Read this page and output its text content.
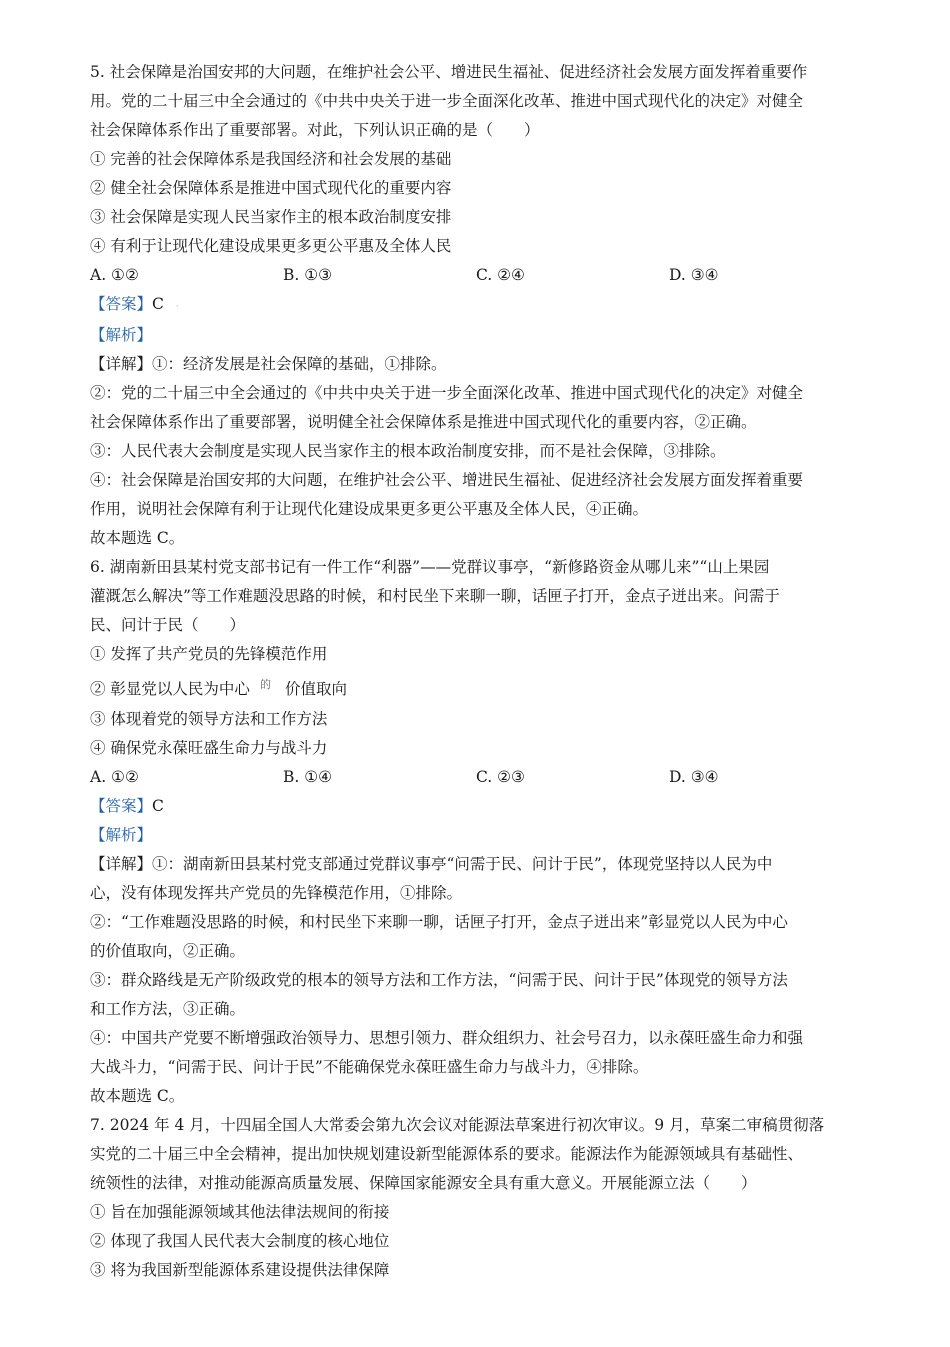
5. 社会保障是治国安邦的大问题，在维护社会公平、增进民生福祉、促进经济社会发展方面发挥着重要作
用。党的二十届三中全会通过的《中共中央关于进一步全面深化改革、推进中国式现代化的决定》对健全
社会保障体系作出了重要部署。对此，下列认识正确的是（　　）
① 完善的社会保障体系是我国经济和社会发展的基础
② 健全社会保障体系是推进中国式现代化的重要内容
③ 社会保障是实现人民当家作主的根本政治制度安排
④ 有利于让现代化建设成果更多更公平惠及全体人民
A. ①②	B. ①③	C. ②④	D. ③④
【答案】C ·
【解析】
【详解】①：经济发展是社会保障的基础，①排除。
②：党的二十届三中全会通过的《中共中央关于进一步全面深化改革、推进中国式现代化的决定》对健全
社会保障体系作出了重要部署，说明健全社会保障体系是推进中国式现代化的重要内容，②正确。
③：人民代表大会制度是实现人民当家作主的根本政治制度安排，而不是社会保障，③排除。
④：社会保障是治国安邦的大问题，在维护社会公平、增进民生福祉、促进经济社会发展方面发挥着重要
作用，说明社会保障有利于让现代化建设成果更多更公平惠及全体人民，④正确。
故本题选 C。
6. 湖南新田县某村党支部书记有一件工作“利器”——党群议事亭，“新修路资金从哪儿来”“山上果园
灌溉怎么解决”等工作难题没思路的时候，和村民坐下来聊一聊，话匣子打开，金点子迸出来。问需于
民、问计于民（　　）
① 发挥了共产党员的先锋模范作用
② 彰显党以人民为中心 $^的$ 价值取向
③ 体现着党的领导方法和工作方法
④ 确保党永葆旺盛生命力与战斗力
A. ①②	B. ①④	C. ②③	D. ③④
【答案】C
【解析】
【详解】①：湖南新田县某村党支部通过党群议事亭“问需于民、问计于民”，体现党坚持以人民为中
心，没有体现发挥共产党员的先锋模范作用，①排除。
②：“工作难题没思路的时候，和村民坐下来聊一聊，话匣子打开，金点子迸出来”彰显党以人民为中心
的价值取向，②正确。
③：群众路线是无产阶级政党的根本的领导方法和工作方法，“问需于民、问计于民”体现党的领导方法
和工作方法，③正确。
④：中国共产党要不断增强政治领导力、思想引领力、群众组织力、社会号召力，以永葆旺盛生命力和强
大战斗力，“问需于民、问计于民”不能确保党永葆旺盛生命力与战斗力，④排除。
故本题选 C。
7. 2024 年 4 月，十四届全国人大常委会第九次会议对能源法草案进行初次审议。9 月，草案二审稿贯彻落
实党的二十届三中全会精神，提出加快规划建设新型能源体系的要求。能源法作为能源领域具有基础性、
统领性的法律，对推动能源高质量发展、保障国家能源安全具有重大意义。开展能源立法（　　）
① 旨在加强能源领域其他法律法规间的衔接
② 体现了我国人民代表大会制度的核心地位
③ 将为我国新型能源体系建设提供法律保障
